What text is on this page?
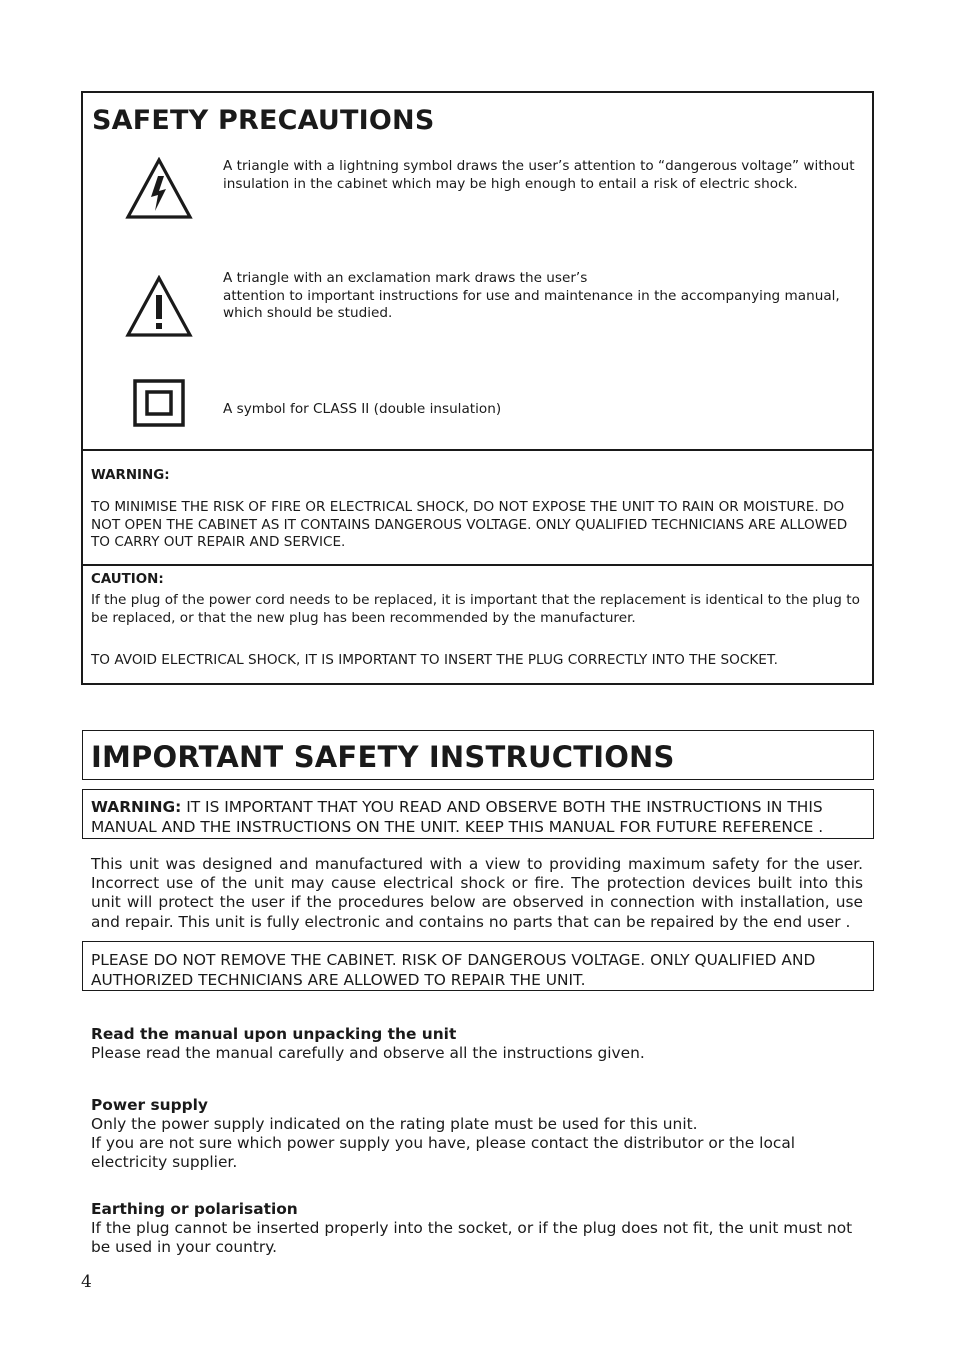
SAFETY PRECAUTIONS
A triangle with a lightning symbol draws the user’s attention to “dangerous voltage” without insulation in the cabinet which may be high enough to entail a risk of electric shock.
A triangle with an exclamation mark draws the user’s
attention to important instructions for use and maintenance in the accompanying manual, which should be studied.
A symbol for CLASS II (double insulation)
WARNING:
TO MINIMISE THE RISK OF FIRE OR ELECTRICAL SHOCK, DO NOT EXPOSE THE UNIT TO RAIN OR MOISTURE. DO NOT OPEN THE CABINET AS IT CONTAINS DANGEROUS VOLTAGE. ONLY QUALIFIED TECHNICIANS ARE ALLOWED TO CARRY OUT REPAIR AND SERVICE.
CAUTION:
If the plug of the power cord needs to be replaced, it is important that the replacement is identical to the plug to be replaced, or that the new plug has been recommended by the manufacturer.
TO AVOID ELECTRICAL SHOCK, IT IS IMPORTANT TO INSERT THE PLUG CORRECTLY INTO THE SOCKET.
IMPORTANT SAFETY INSTRUCTIONS
WARNING: IT IS IMPORTANT THAT YOU READ AND OBSERVE BOTH THE INSTRUCTIONS IN THIS MANUAL AND THE INSTRUCTIONS ON THE UNIT. KEEP THIS MANUAL FOR FUTURE REFERENCE .
This unit was designed and manufactured with a view to providing maximum safety for the user. Incorrect use of the unit may cause electrical shock or fire. The protection devices built into this unit will protect the user if the procedures below are observed in connection with installation, use and repair. This unit is fully electronic and contains no parts that can be repaired by the end user .
PLEASE DO NOT REMOVE THE CABINET. RISK OF DANGEROUS VOLTAGE. ONLY QUALIFIED AND AUTHORIZED TECHNICIANS ARE ALLOWED TO REPAIR THE UNIT.
Read the manual upon unpacking the unit
Please read the manual carefully and observe all the instructions given.
Power supply
Only the power supply indicated on the rating plate must be used for this unit.
If you are not sure which power supply you have, please contact the distributor or the local electricity supplier.
Earthing or polarisation
If the plug cannot be inserted properly into the socket, or if the plug does not fit, the unit must not be used in your country.
4
